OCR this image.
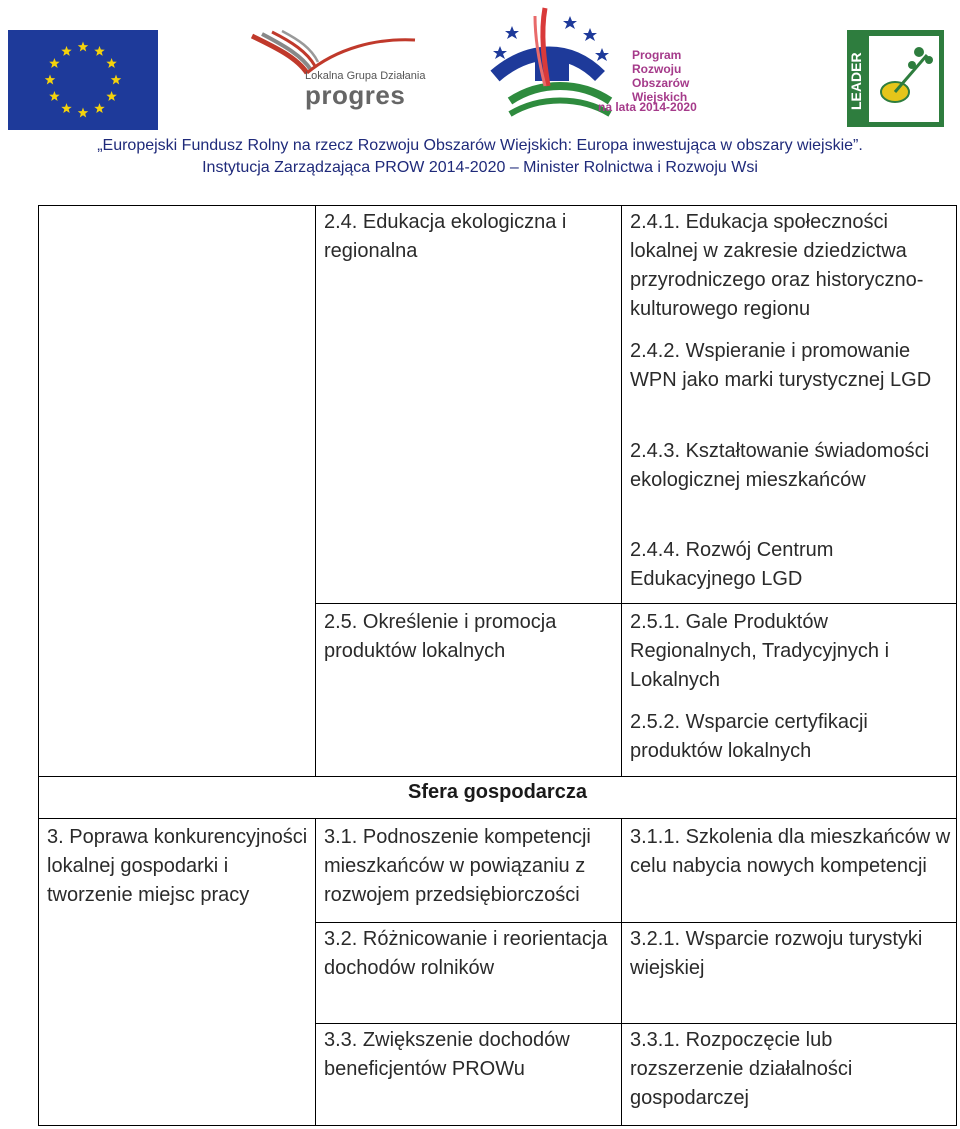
Lokalna Grupa Działania
progres
Program
Rozwoju
Obszarów
Wiejskich
na lata 2014-2020	LEADER
„Europejski Fundusz Rolny na rzecz Rozwoju Obszarów Wiejskich: Europa inwestująca w obszary wiejskie”.
Instytucja Zarządzająca PROW 2014-2020 – Minister Rolnictwa i Rozwoju Wsi
2.4. Edukacja ekologiczna i regionalna
2.4.1. Edukacja społeczności lokalnej w zakresie dziedzictwa przyrodniczego oraz historyczno-kulturowego regionu
2.4.2. Wspieranie i promowanie WPN jako marki turystycznej LGD
2.4.3. Kształtowanie świadomości ekologicznej mieszkańców
2.4.4. Rozwój Centrum Edukacyjnego LGD
2.5. Określenie i promocja produktów lokalnych
2.5.1. Gale Produktów Regionalnych, Tradycyjnych i Lokalnych
2.5.2. Wsparcie certyfikacji produktów lokalnych
Sfera gospodarcza
3. Poprawa konkurencyjności lokalnej gospodarki i tworzenie miejsc pracy
3.1. Podnoszenie kompetencji mieszkańców w powiązaniu z rozwojem przedsiębiorczości
3.1.1. Szkolenia dla mieszkańców w celu nabycia nowych kompetencji
3.2. Różnicowanie i reorientacja dochodów rolników
3.2.1. Wsparcie rozwoju turystyki wiejskiej
3.3. Zwiększenie dochodów beneficjentów PROWu
3.3.1. Rozpoczęcie lub rozszerzenie działalności gospodarczej
